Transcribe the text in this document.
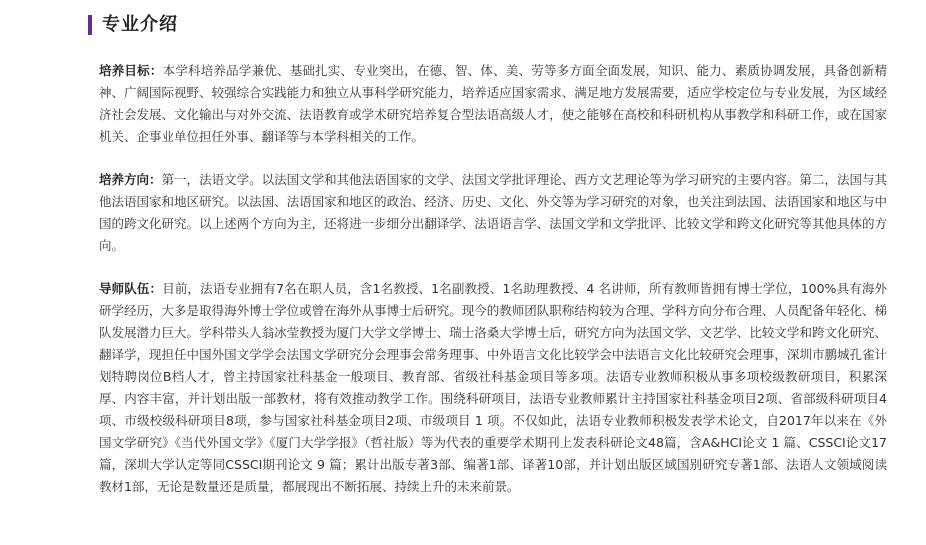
专业介绍

培养目标：本学科培养品学兼优、基础扎实、专业突出，在德、智、体、美、劳等多方面全面发展，知识、能力、素质协调发展，具备创新精神、广阔国际视野、较强综合实践能力和独立从事科学研究能力，培养适应国家需求、满足地方发展需要，适应学校定位与专业发展，为区域经济社会发展、文化输出与对外交流、法语教育或学术研究培养复合型法语高级人才，使之能够在高校和科研机构从事教学和科研工作，或在国家机关、企事业单位担任外事、翻译等与本学科相关的工作。

培养方向：第一，法语文学。以法国文学和其他法语国家的文学、法国文学批评理论、西方文艺理论等为学习研究的主要内容。第二，法国与其他法语国家和地区研究。以法国、法语国家和地区的政治、经济、历史、文化、外交等为学习研究的对象，也关注到法国、法语国家和地区与中国的跨文化研究。以上述两个方向为主，还将进一步细分出翻译学、法语语言学、法国文学和文学批评、比较文学和跨文化研究等其他具体的方向。

导师队伍：目前，法语专业拥有7名在职人员，含1名教授、1名副教授、1名助理教授、4 名讲师，所有教师皆拥有博士学位，100%具有海外研学经历，大多是取得海外博士学位或曾在海外从事博士后研究。现今的教师团队职称结构较为合理、学科方向分布合理、人员配备年轻化、梯队发展潜力巨大。学科带头人翁冰莹教授为厦门大学文学博士、瑞士洛桑大学博士后，研究方向为法国文学、文艺学、比较文学和跨文化研究、翻译学，现担任中国外国文学学会法国文学研究分会理事会常务理事、中外语言文化比较学会中法语言文化比较研究会理事，深圳市鹏城孔雀计划特聘岗位B档人才，曾主持国家社科基金一般项目、教育部、省级社科基金项目等多项。法语专业教师积极从事多项校级教研项目，积累深厚、内容丰富，并计划出版一部教材，将有效推动教学工作。围绕科研项目，法语专业教师累计主持国家社科基金项目2项、省部级科研项目4项、市级校级科研项目8项，参与国家社科基金项目2项、市级项目 1 项。不仅如此，法语专业教师积极发表学术论文，自2017年以来在《外国文学研究》《当代外国文学》《厦门大学学报》（哲社版）等为代表的重要学术期刊上发表科研论文48篇，含A&HCI论文 1 篇、CSSCI论文17篇，深圳大学认定等同CSSCI期刊论文 9 篇；累计出版专著3部、编著1部、译著10部，并计划出版区域国别研究专著1部、法语人文领域阅读教材1部，无论是数量还是质量，都展现出不断拓展、持续上升的未来前景。
